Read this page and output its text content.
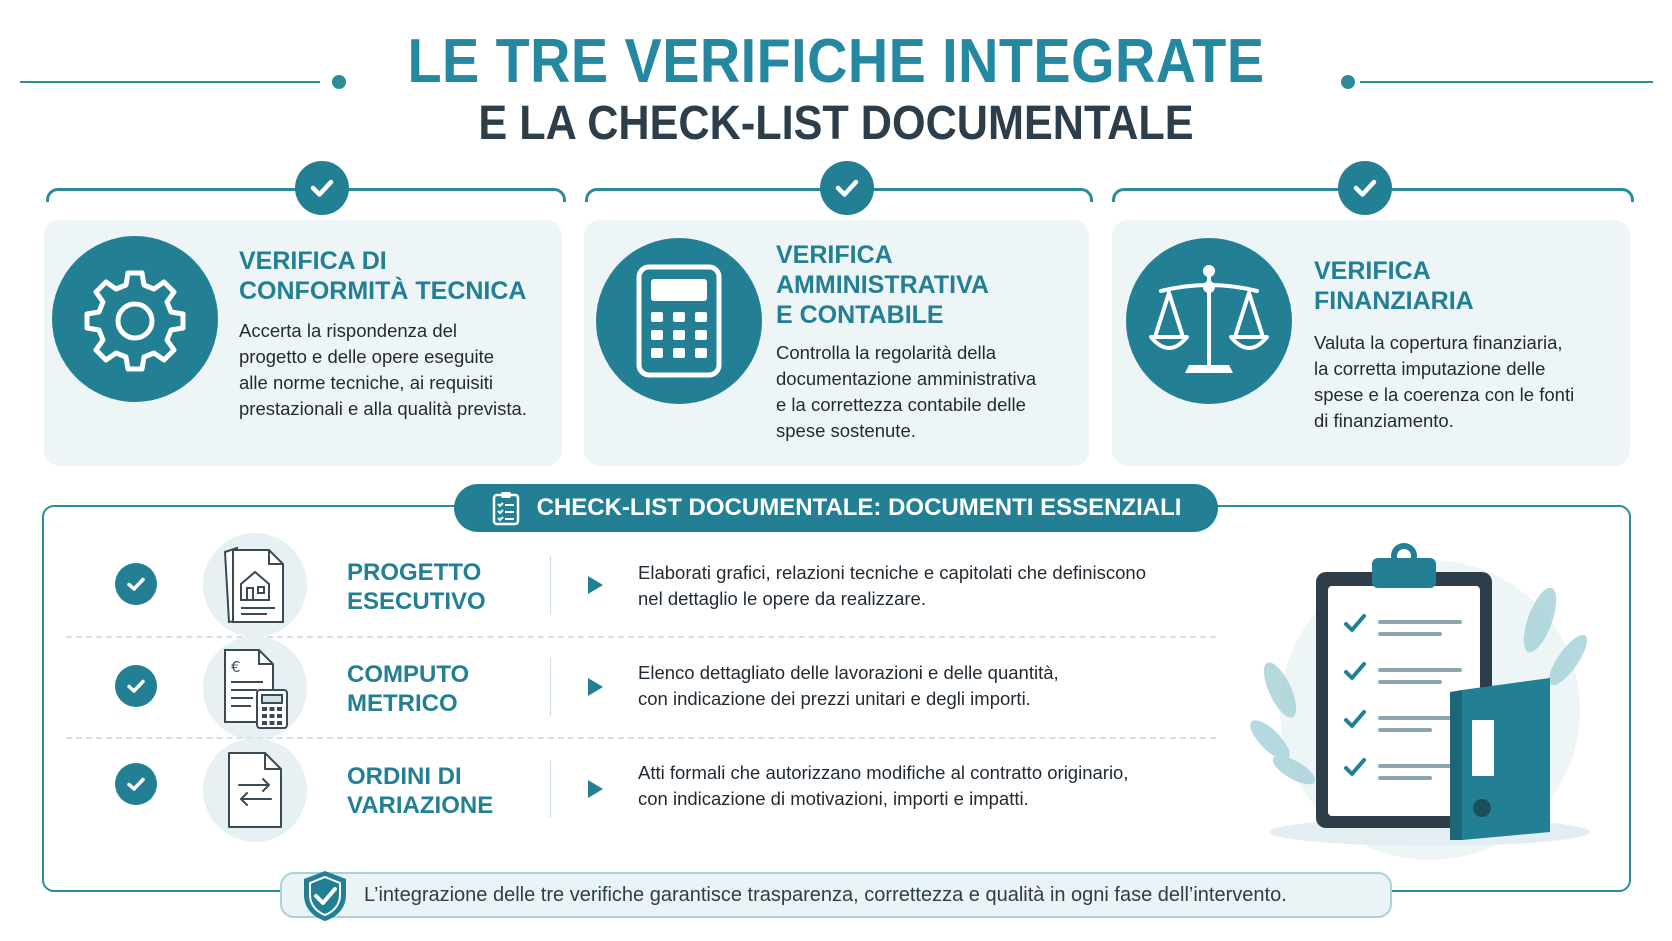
LE TRE VERIFICHE INTEGRATE
E LA CHECK-LIST DOCUMENTALE
VERIFICA DI
CONFORMITÀ TECNICA
Accerta la rispondenza del
progetto e delle opere eseguite
alle norme tecniche, ai requisiti
prestazionali e alla qualità prevista.
VERIFICA
AMMINISTRATIVA
E CONTABILE
Controlla la regolarità della
documentazione amministrativa
e la correttezza contabile delle
spese sostenute.
VERIFICA
FINANZIARIA
Valuta la copertura finanziaria,
la corretta imputazione delle
spese e la coerenza con le fonti
di finanziamento.
CHECK-LIST DOCUMENTALE: DOCUMENTI ESSENZIALI
PROGETTO
ESECUTIVO
Elaborati grafici, relazioni tecniche e capitolati che definiscono
nel dettaglio le opere da realizzare.
€	COMPUTO
METRICO
Elenco dettagliato delle lavorazioni e delle quantità,
con indicazione dei prezzi unitari e degli importi.
ORDINI DI
VARIAZIONE
Atti formali che autorizzano modifiche al contratto originario,
con indicazione di motivazioni, importi e impatti.
L’integrazione delle tre verifiche garantisce trasparenza, correttezza e qualità in ogni fase dell’intervento.
